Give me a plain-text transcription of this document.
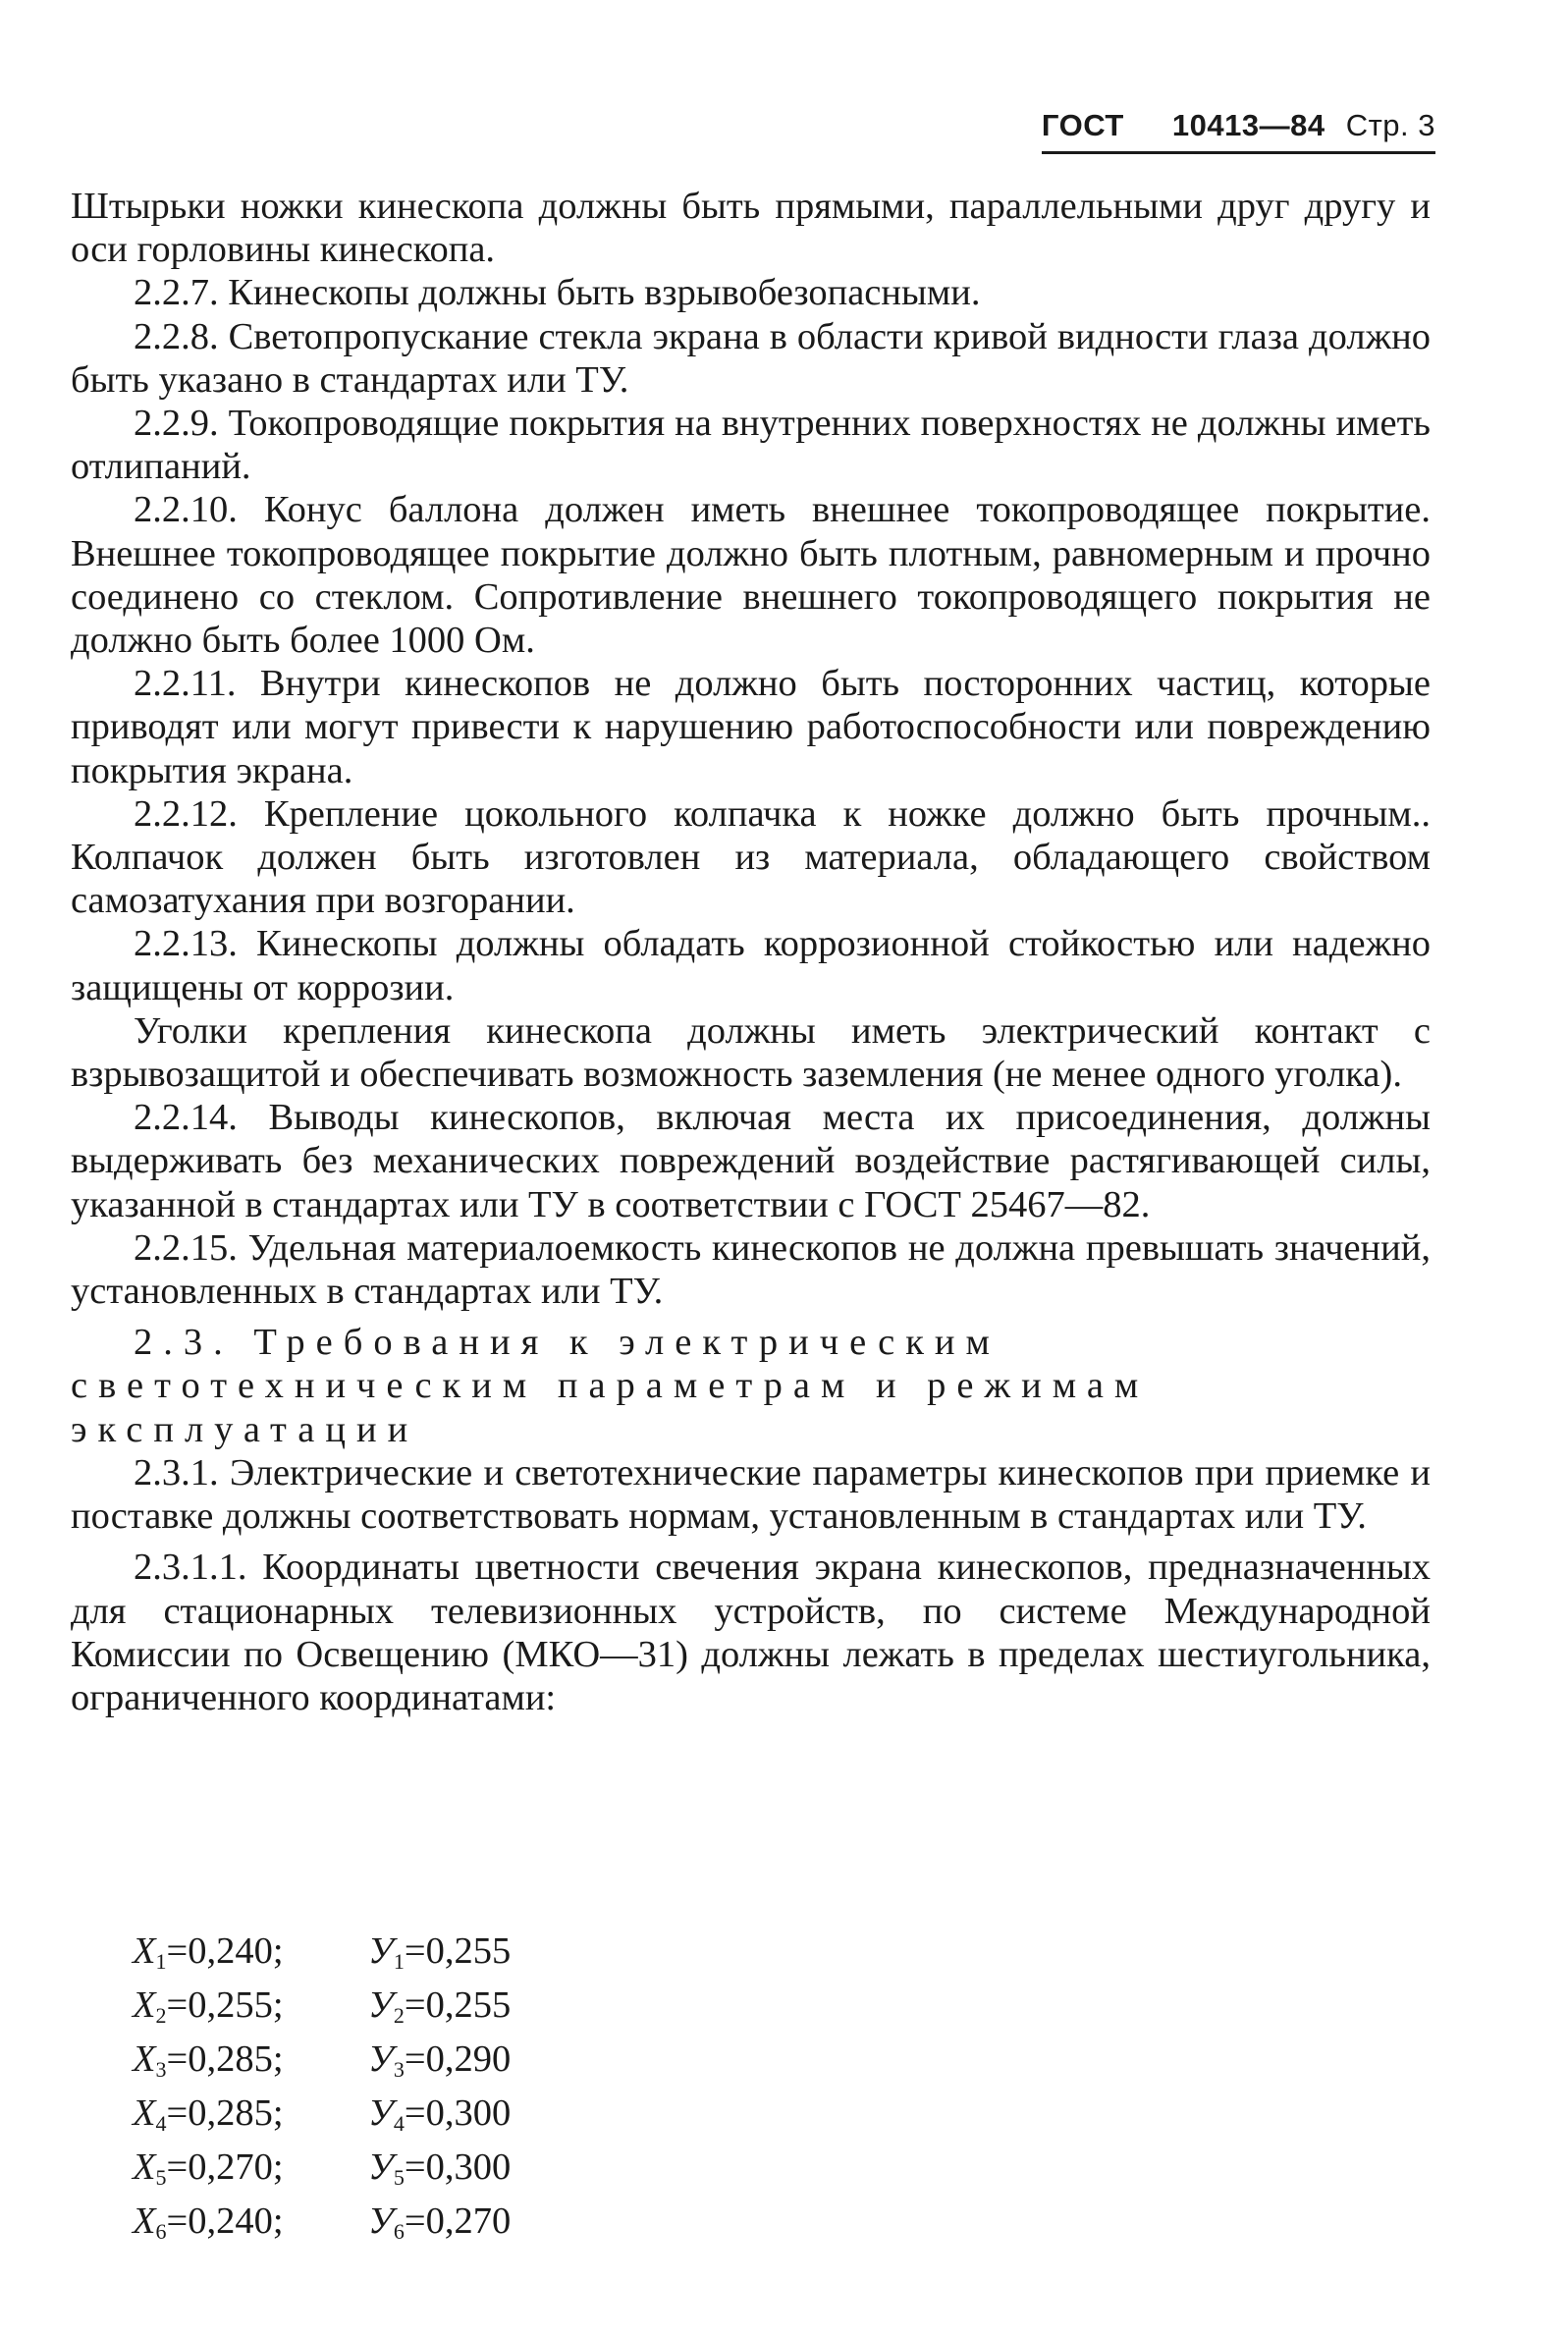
ГОСТ 10413—84 Стр. 3

Штырьки ножки кинескопа должны быть прямыми, параллельными друг другу и оси горловины кинескопа.

2.2.7. Кинескопы должны быть взрывобезопасными.

2.2.8. Светопропускание стекла экрана в области кривой видности глаза должно быть указано в стандартах или ТУ.

2.2.9. Токопроводящие покрытия на внутренних поверхностях не должны иметь отлипаний.

2.2.10. Конус баллона должен иметь внешнее токопроводящее покрытие. Внешнее токопроводящее покрытие должно быть плотным, равномерным и прочно соединено со стеклом. Сопротивление внешнего токопроводящего покрытия не должно быть более 1000 Ом.

2.2.11. Внутри кинескопов не должно быть посторонних частиц, которые приводят или могут привести к нарушению работоспособности или повреждению покрытия экрана.

2.2.12. Крепление цокольного колпачка к ножке должно быть прочным.. Колпачок должен быть изготовлен из материала, обладающего свойством самозатухания при возгорании.

2.2.13. Кинескопы должны обладать коррозионной стойкостью или надежно защищены от коррозии.

Уголки крепления кинескопа должны иметь электрический контакт с взрывозащитой и обеспечивать возможность заземления (не менее одного уголка).

2.2.14. Выводы кинескопов, включая места их присоединения, должны выдерживать без механических повреждений воздействие растягивающей силы, указанной в стандартах или ТУ в соответствии с ГОСТ 25467—82.

2.2.15. Удельная материалоемкость кинескопов не должна превышать значений, установленных в стандартах или ТУ.

2.3. Требования к электрическим светотехническим параметрам и режимам эксплуатации

2.3.1. Электрические и светотехнические параметры кинескопов при приемке и поставке должны соответствовать нормам, установленным в стандартах или ТУ.

2.3.1.1. Координаты цветности свечения экрана кинескопов, предназначенных для стационарных телевизионных устройств, по системе Международной Комиссии по Освещению (МКО—31) должны лежать в пределах шестиугольника, ограниченного координатами:

$X_1=0,240$; $У_1=0,255$
$X_2=0,255$; $У_2=0,255$
$X_3=0,285$; $У_3=0,290$
$X_4=0,285$; $У_4=0,300$
$X_5=0,270$; $У_5=0,300$
$X_6=0,240$; $У_6=0,270$
